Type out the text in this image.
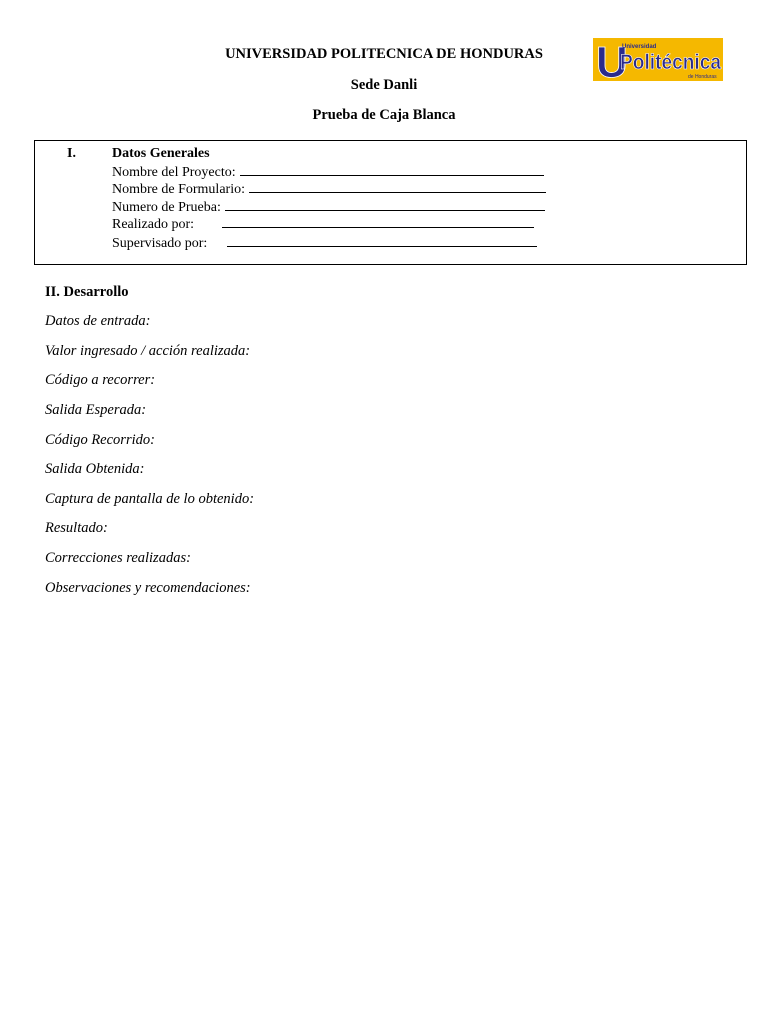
UNIVERSIDAD POLITECNICA DE HONDURAS
Sede Danli
Prueba de Caja Blanca
U
Universidad
Politécnica
de Honduras
I.	Datos Generales
Nombre del Proyecto:
Nombre de Formulario:
Numero de Prueba:
Realizado por:
Supervisado por:
II. Desarrollo
Datos de entrada:
Valor ingresado / acción realizada:
Código a recorrer:
Salida Esperada:
Código Recorrido:
Salida Obtenida:
Captura de pantalla de lo obtenido:
Resultado:
Correcciones realizadas:
Observaciones y recomendaciones:
